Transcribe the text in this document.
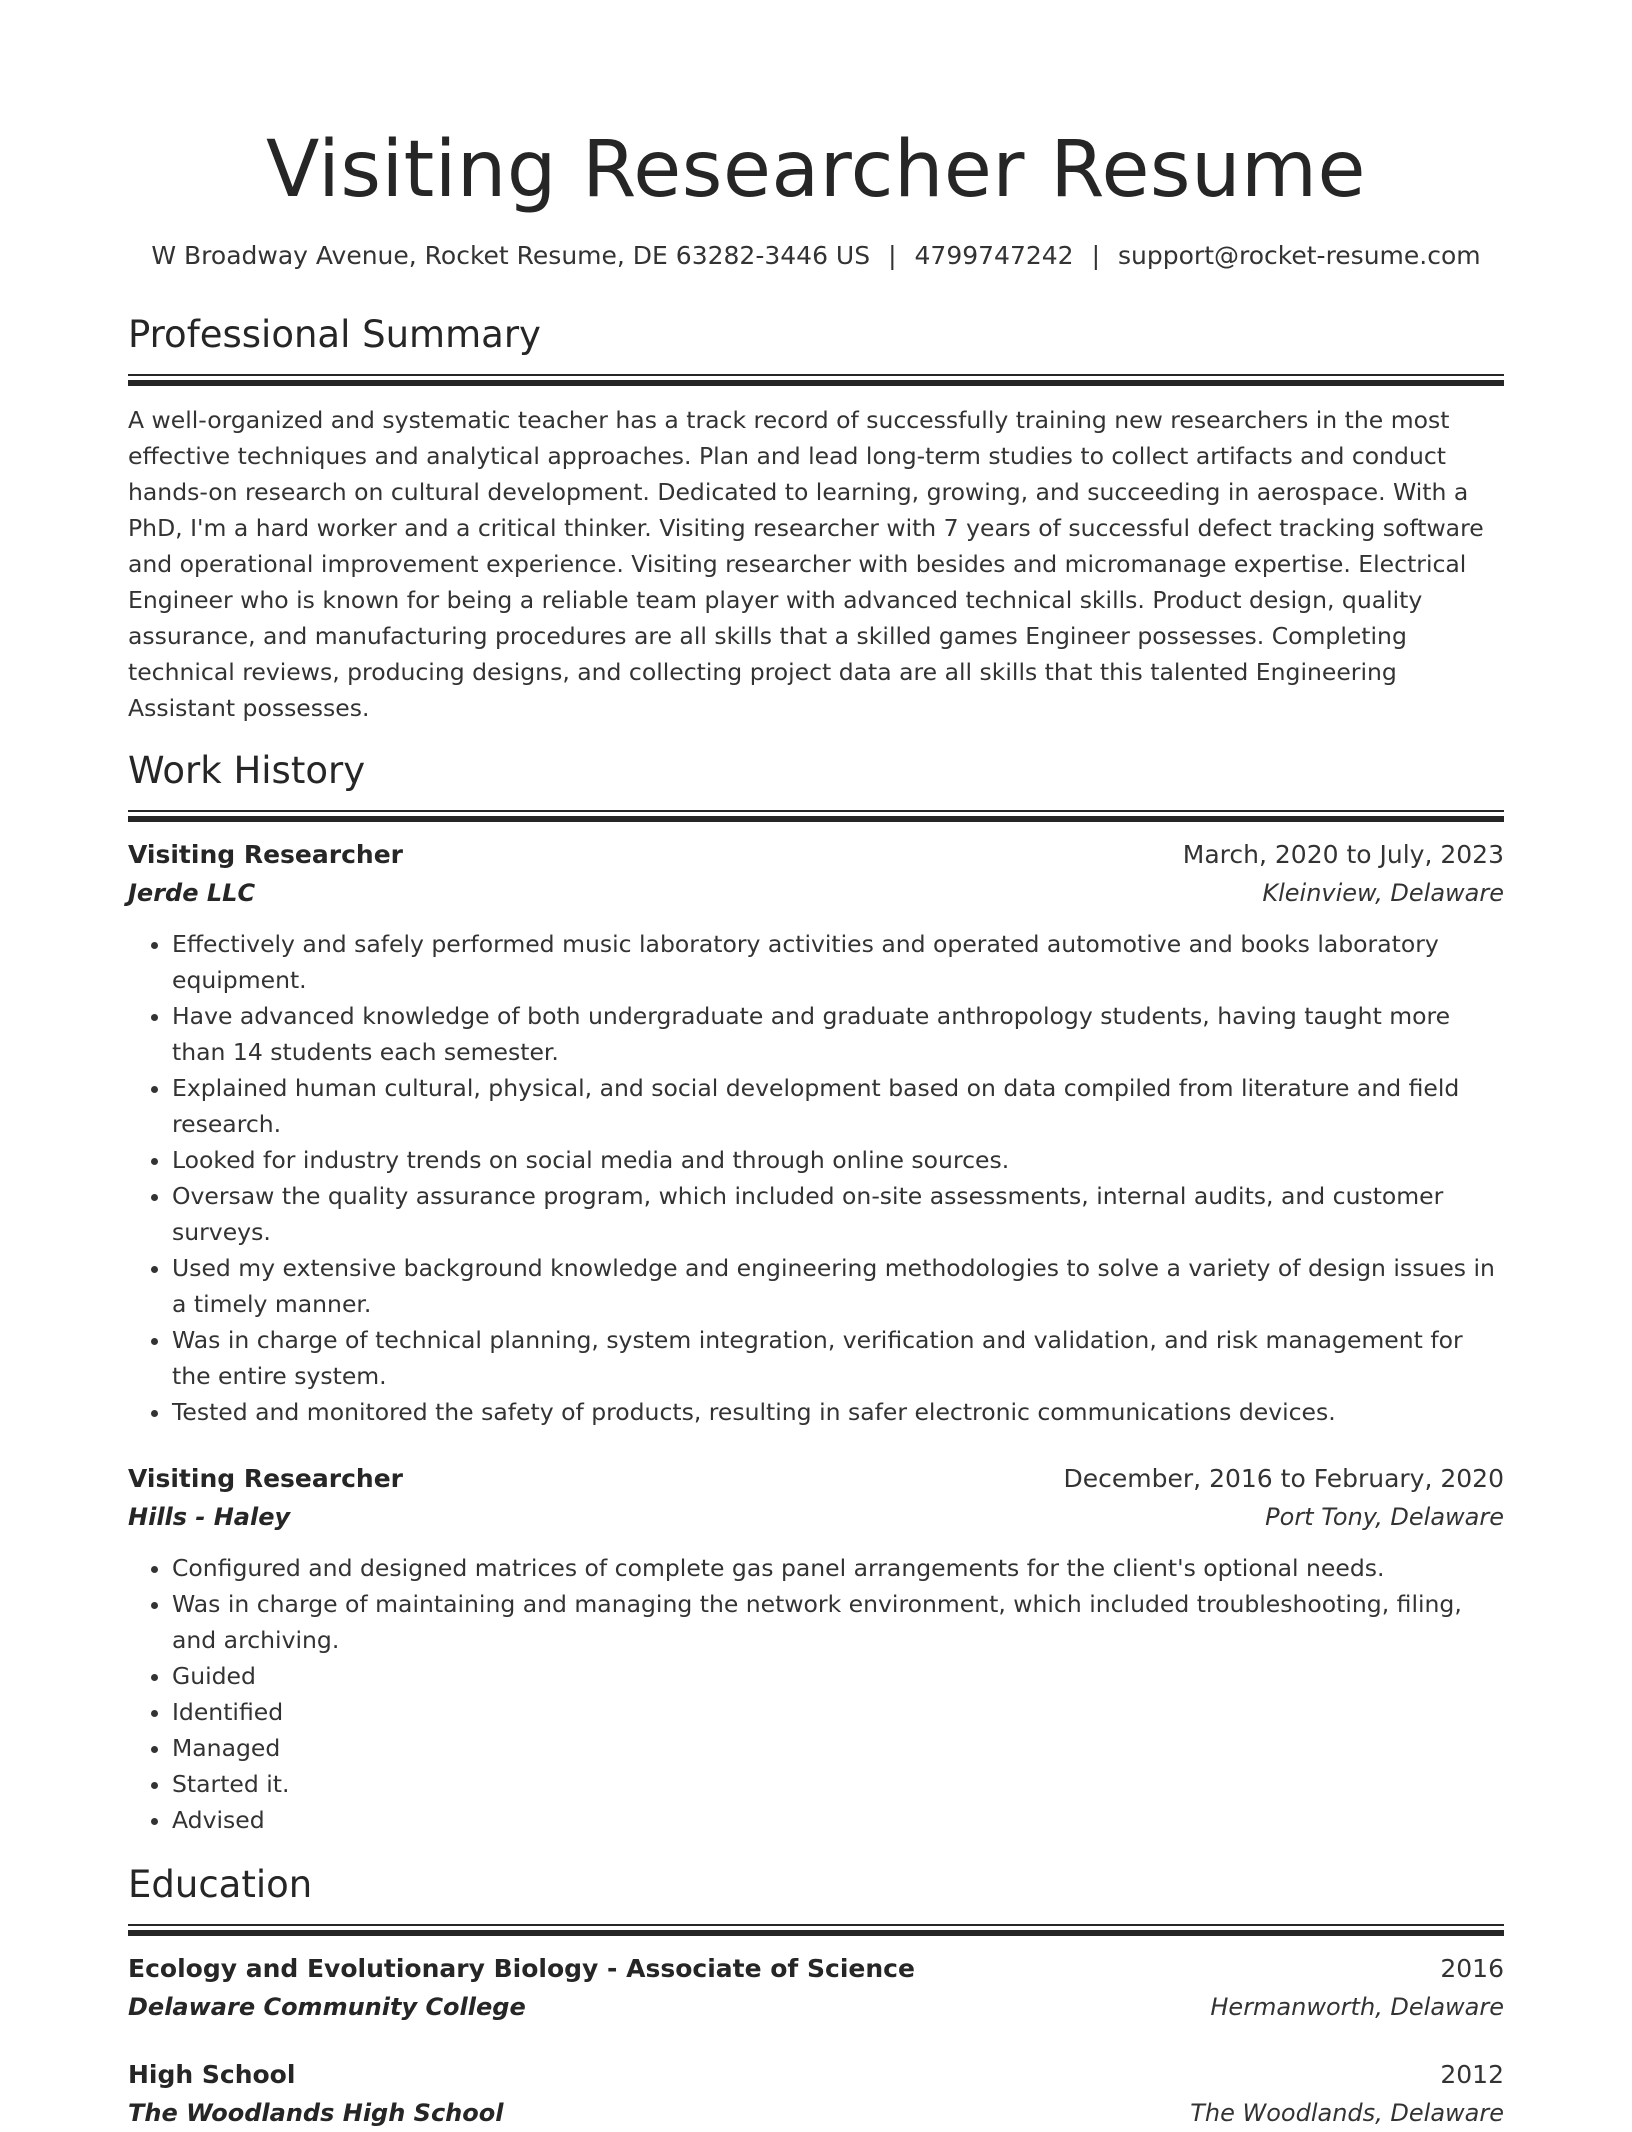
Visiting Researcher Resume
W Broadway Avenue, Rocket Resume, DE 63282-3446 US | 4799747242 | support@rocket-resume.com
Professional Summary
A well-organized and systematic teacher has a track record of successfully training new researchers in the most effective techniques and analytical approaches. Plan and lead long-term studies to collect artifacts and conduct hands-on research on cultural development. Dedicated to learning, growing, and succeeding in aerospace. With a PhD, I'm a hard worker and a critical thinker. Visiting researcher with 7 years of successful defect tracking software and operational improvement experience. Visiting researcher with besides and micromanage expertise. Electrical Engineer who is known for being a reliable team player with advanced technical skills. Product design, quality assurance, and manufacturing procedures are all skills that a skilled games Engineer possesses. Completing technical reviews, producing designs, and collecting project data are all skills that this talented Engineering Assistant possesses.
Work History
Visiting Researcher	March, 2020 to July, 2023
Jerde LLC	Kleinview, Delaware
• Effectively and safely performed music laboratory activities and operated automotive and books laboratory equipment.
• Have advanced knowledge of both undergraduate and graduate anthropology students, having taught more than 14 students each semester.
• Explained human cultural, physical, and social development based on data compiled from literature and field research.
• Looked for industry trends on social media and through online sources.
• Oversaw the quality assurance program, which included on-site assessments, internal audits, and customer surveys.
• Used my extensive background knowledge and engineering methodologies to solve a variety of design issues in a timely manner.
• Was in charge of technical planning, system integration, verification and validation, and risk management for the entire system.
• Tested and monitored the safety of products, resulting in safer electronic communications devices.
Visiting Researcher	December, 2016 to February, 2020
Hills - Haley	Port Tony, Delaware
• Configured and designed matrices of complete gas panel arrangements for the client's optional needs.
• Was in charge of maintaining and managing the network environment, which included troubleshooting, filing, and archiving.
• Guided
• Identified
• Managed
• Started it.
• Advised
Education
Ecology and Evolutionary Biology - Associate of Science	2016
Delaware Community College	Hermanworth, Delaware
High School	2012
The Woodlands High School	The Woodlands, Delaware
